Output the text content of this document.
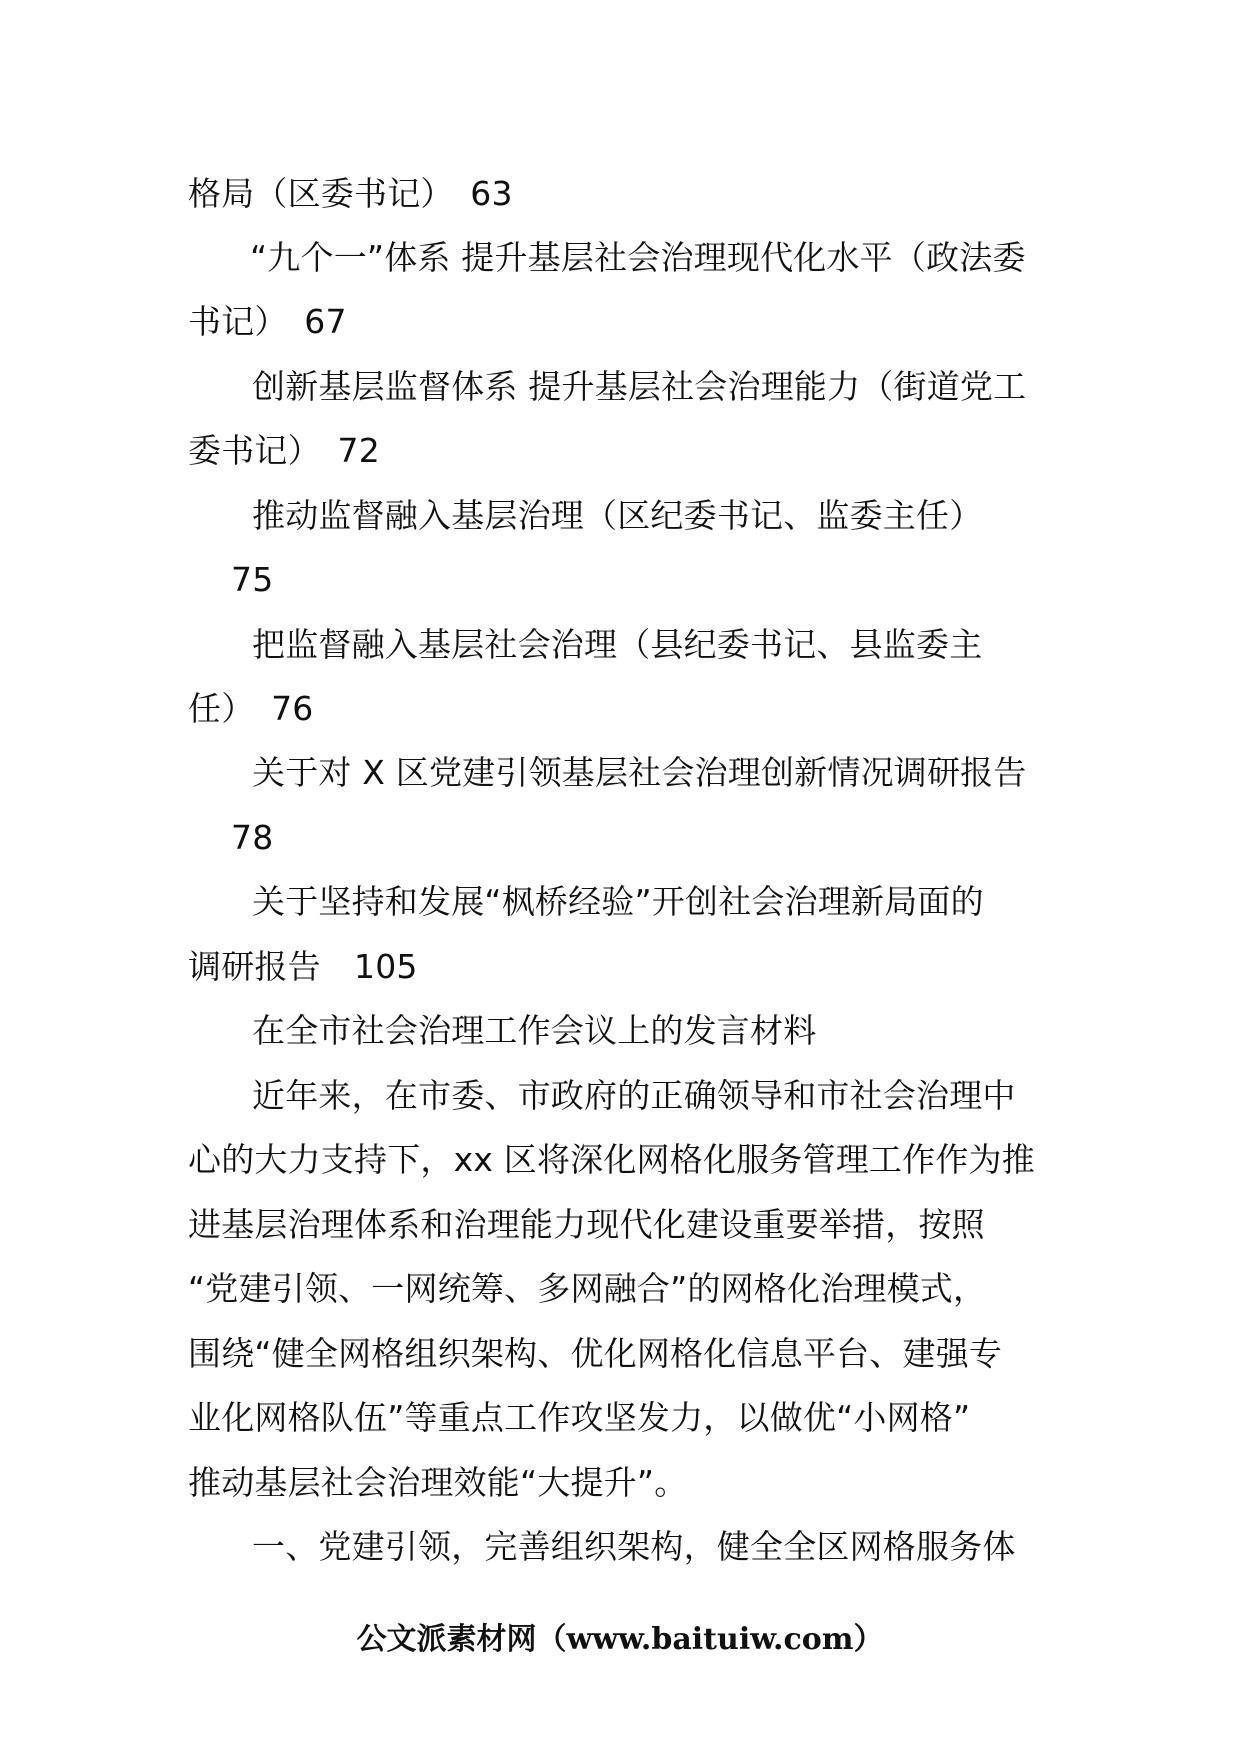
格局（区委书记）　63
“九个一”体系 提升基层社会治理现代化水平（政法委
书记）　67
创新基层监督体系 提升基层社会治理能力（街道党工
委书记）　72
推动监督融入基层治理（区纪委书记、监委主任）
75
把监督融入基层社会治理（县纪委书记、县监委主
任）　76
关于对 X 区党建引领基层社会治理创新情况调研报告
78
关于坚持和发展“枫桥经验”开创社会治理新局面的
调研报告　105
在全市社会治理工作会议上的发言材料
近年来，在市委、市政府的正确领导和市社会治理中
心的大力支持下，xx 区将深化网格化服务管理工作作为推
进基层治理体系和治理能力现代化建设重要举措，按照
“党建引领、一网统筹、多网融合”的网格化治理模式，
围绕“健全网格组织架构、优化网格化信息平台、建强专
业化网格队伍”等重点工作攻坚发力，以做优“小网格”
推动基层社会治理效能“大提升”。
一、党建引领，完善组织架构，健全全区网格服务体
公文派素材网（www.baituiw.com）
